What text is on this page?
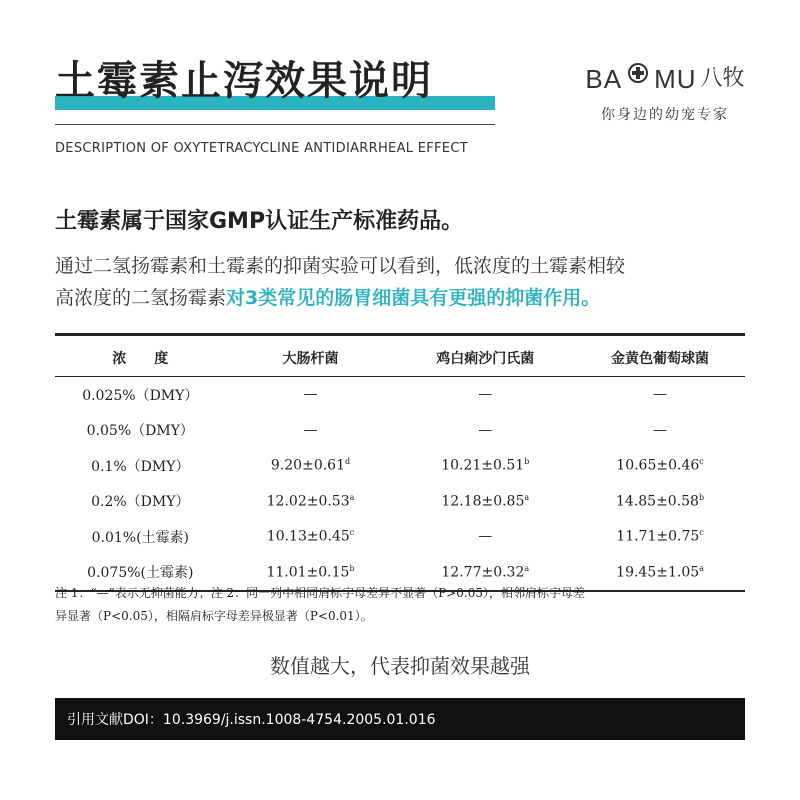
土霉素止泻效果说明
DESCRIPTION OF OXYTETRACYCLINE ANTIDIARRHEAL EFFECT
BA MU 八牧
你身边的幼宠专家
土霉素属于国家GMP认证生产标准药品。

通过二氢扬霉素和土霉素的抑菌实验可以看到，低浓度的土霉素相较
高浓度的二氢扬霉素对3类常见的肠胃细菌具有更强的抑菌作用。

浓　　度	大肠杆菌	鸡白痢沙门氏菌	金黄色葡萄球菌
0.025%（DMY）	—	—	—
0.05%（DMY）	—	—	—
0.1%（DMY）	9.20±0.61$^d$	10.21±0.51$^b$	10.65±0.46$^c$
0.2%（DMY）	12.02±0.53$^a$	12.18±0.85$^a$	14.85±0.58$^b$
0.01%(土霉素)	10.13±0.45$^c$	—	11.71±0.75$^c$
0.075%(土霉素)	11.01±0.15$^b$	12.77±0.32$^a$	19.45±1.05$^a$

注 1：“—”表示无抑菌能力；注 2：同一列中相同肩标字母差异不显著（P>0.05），相邻肩标字母差
异显著（P<0.05），相隔肩标字母差异极显著（P<0.01）。

数值越大，代表抑菌效果越强

引用文献DOI：10.3969/j.issn.1008-4754.2005.01.016
